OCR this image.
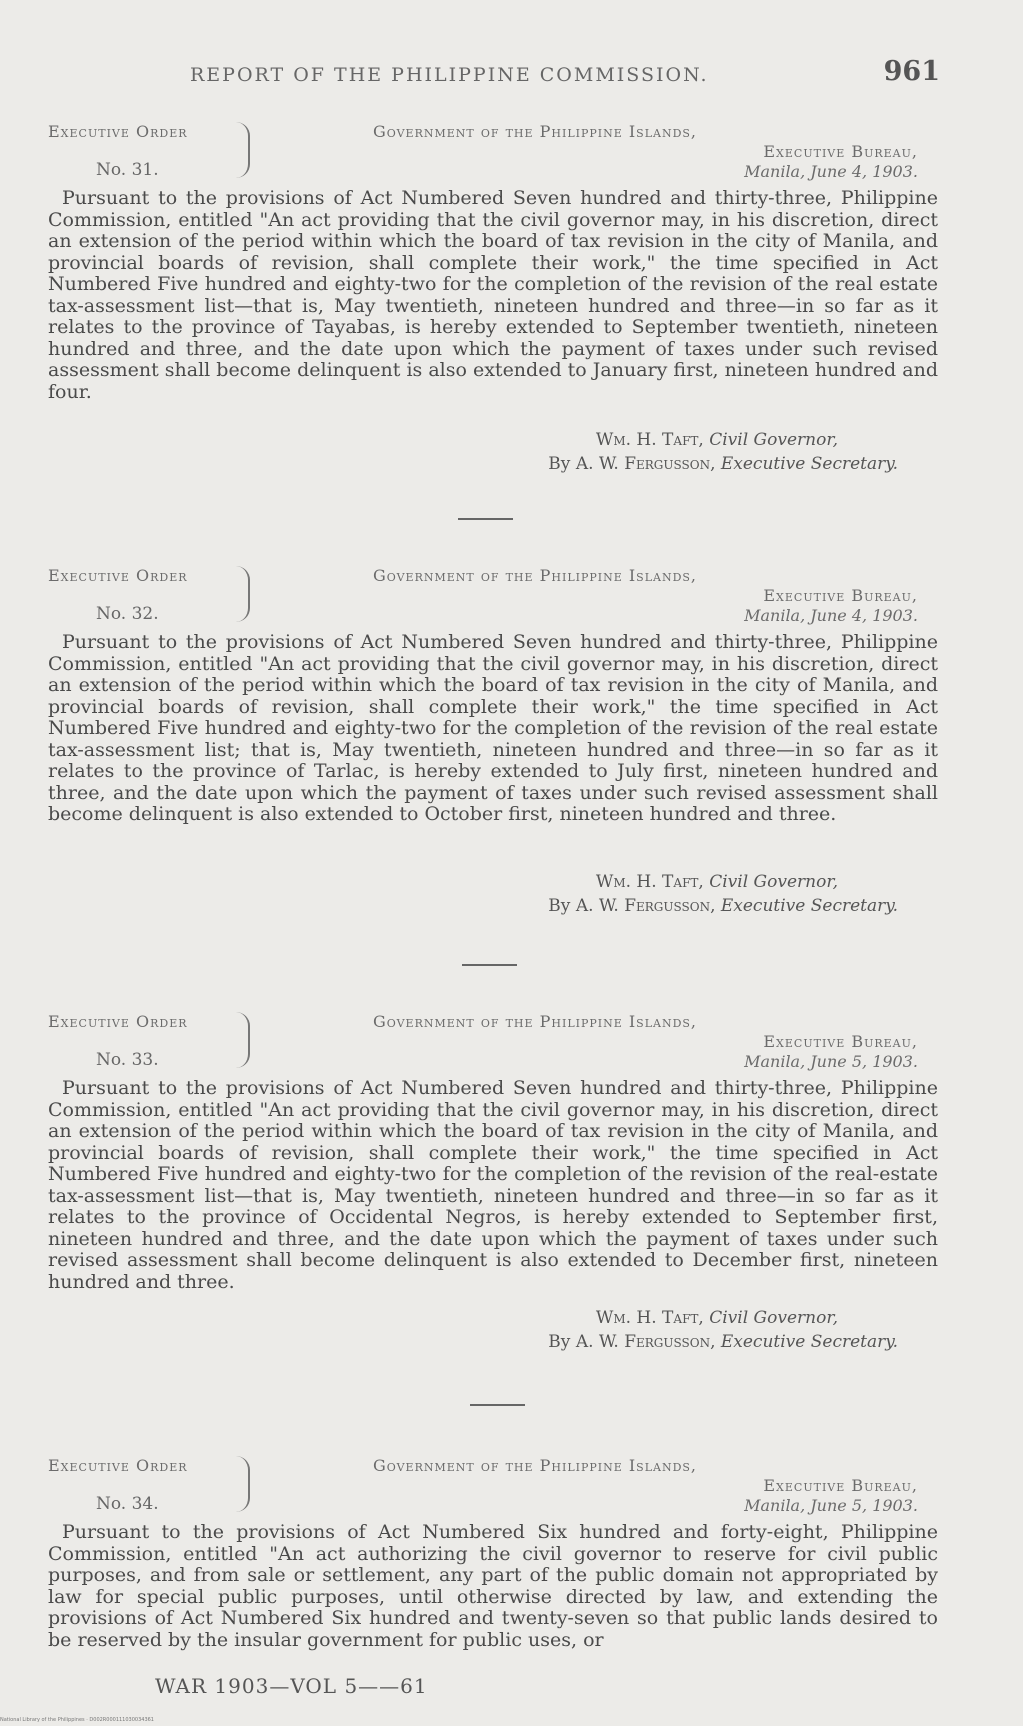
REPORT OF THE PHILIPPINE COMMISSION.	961
Executive Order
No. 31.
Government of the Philippine Islands,
Executive Bureau,
Manila, June 4, 1903.

Pursuant to the provisions of Act Numbered Seven hundred and thirty-three, Philippine Commission, entitled "An act providing that the civil governor may, in his discretion, direct an extension of the period within which the board of tax revision in the city of Manila, and provincial boards of revision, shall complete their work," the time specified in Act Numbered Five hundred and eighty-two for the completion of the revision of the real estate tax-assessment list—that is, May twentieth, nineteen hundred and three—in so far as it relates to the province of Tayabas, is hereby extended to September twentieth, nineteen hundred and three, and the date upon which the payment of taxes under such revised assessment shall become delinquent is also extended to January first, nineteen hundred and four.

Wm. H. Taft, Civil Governor,
By A. W. Fergusson, Executive Secretary.
Executive Order
No. 32.
Government of the Philippine Islands,
Executive Bureau,
Manila, June 4, 1903.

Pursuant to the provisions of Act Numbered Seven hundred and thirty-three, Philippine Commission, entitled "An act providing that the civil governor may, in his discretion, direct an extension of the period within which the board of tax revision in the city of Manila, and provincial boards of revision, shall complete their work," the time specified in Act Numbered Five hundred and eighty-two for the completion of the revision of the real estate tax-assessment list; that is, May twentieth, nineteen hundred and three—in so far as it relates to the province of Tarlac, is hereby extended to July first, nineteen hundred and three, and the date upon which the payment of taxes under such revised assessment shall become delinquent is also extended to October first, nineteen hundred and three.

Wm. H. Taft, Civil Governor,
By A. W. Fergusson, Executive Secretary.
Executive Order
No. 33.
Government of the Philippine Islands,
Executive Bureau,
Manila, June 5, 1903.

Pursuant to the provisions of Act Numbered Seven hundred and thirty-three, Philippine Commission, entitled "An act providing that the civil governor may, in his discretion, direct an extension of the period within which the board of tax revision in the city of Manila, and provincial boards of revision, shall complete their work," the time specified in Act Numbered Five hundred and eighty-two for the completion of the revision of the real-estate tax-assessment list—that is, May twentieth, nineteen hundred and three—in so far as it relates to the province of Occidental Negros, is hereby extended to September first, nineteen hundred and three, and the date upon which the payment of taxes under such revised assessment shall become delinquent is also extended to December first, nineteen hundred and three.

Wm. H. Taft, Civil Governor,
By A. W. Fergusson, Executive Secretary.
Executive Order
No. 34.
Government of the Philippine Islands,
Executive Bureau,
Manila, June 5, 1903.

Pursuant to the provisions of Act Numbered Six hundred and forty-eight, Philippine Commission, entitled "An act authorizing the civil governor to reserve for civil public purposes, and from sale or settlement, any part of the public domain not appropriated by law for special public purposes, until otherwise directed by law, and extending the provisions of Act Numbered Six hundred and twenty-seven so that public lands desired to be reserved by the insular government for public uses, or

WAR 1903—VOL 5——61
National Library of the Philippines · D002R000111030034361
